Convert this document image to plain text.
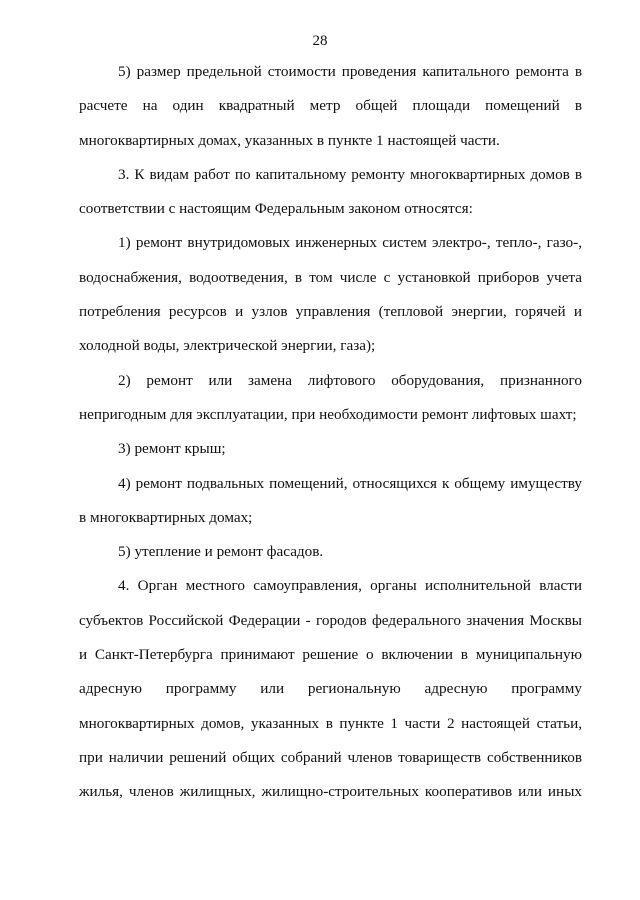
28

5) размер предельной стоимости проведения капитального ремонта в расчете на один квадратный метр общей площади помещений в многоквартирных домах, указанных в пункте 1 настоящей части.

3. К видам работ по капитальному ремонту многоквартирных домов в соответствии с настоящим Федеральным законом относятся:

1) ремонт внутридомовых инженерных систем электро-, тепло-, газо-, водоснабжения, водоотведения, в том числе с установкой приборов учета потребления ресурсов и узлов управления (тепловой энергии, горячей и холодной воды, электрической энергии, газа);

2) ремонт или замена лифтового оборудования, признанного непригодным для эксплуатации, при необходимости ремонт лифтовых шахт;

3) ремонт крыш;

4) ремонт подвальных помещений, относящихся к общему имуществу в многоквартирных домах;

5) утепление и ремонт фасадов.

4. Орган местного самоуправления, органы исполнительной власти субъектов Российской Федерации - городов федерального значения Москвы и Санкт-Петербурга принимают решение о включении в муниципальную адресную программу или региональную адресную программу многоквартирных домов, указанных в пункте 1 части 2 настоящей статьи, при наличии решений общих собраний членов товариществ собственников жилья, членов жилищных, жилищно-строительных кооперативов или иных
